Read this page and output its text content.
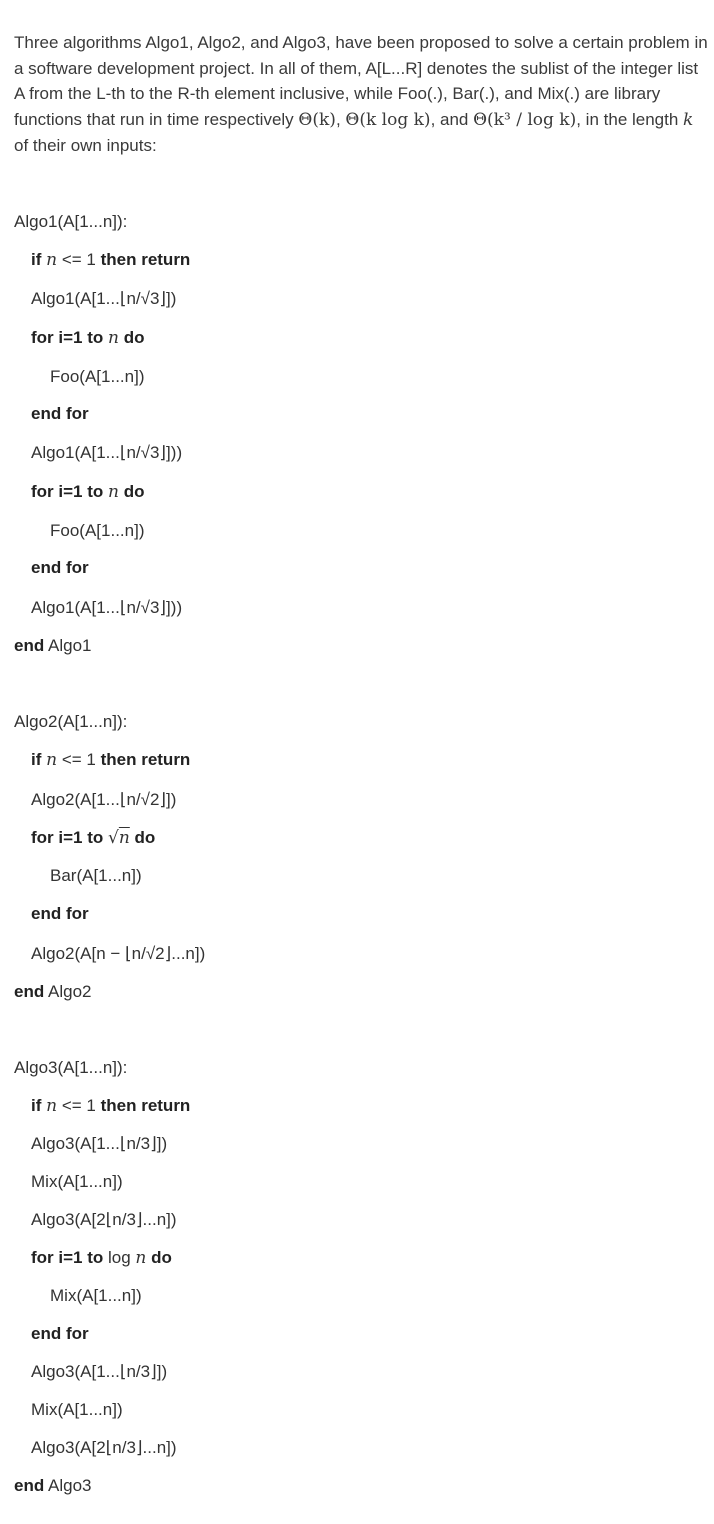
Three algorithms Algo1, Algo2, and Algo3, have been proposed to solve a certain problem in a software development project. In all of them, A[L...R] denotes the sublist of the integer list A from the L-th to the R-th element inclusive, while Foo(.), Bar(.), and Mix(.) are library functions that run in time respectively Θ(k), Θ(k log k), and Θ(k³ / log k), in the length k of their own inputs:

Algo1(A[1...n]):
if n <= 1 then return
Algo1(A[1...⌊n/√3⌋])
for i=1 to n do
Foo(A[1...n])
end for
Algo1(A[1...⌊n/√3⌋]))
for i=1 to n do
Foo(A[1...n])
end for
Algo1(A[1...⌊n/√3⌋]))
end Algo1
Algo2(A[1...n]):
if n <= 1 then return
Algo2(A[1...⌊n/√2⌋])
for i=1 to √n do
Bar(A[1...n])
end for
Algo2(A[n − ⌊n/√2⌋...n])
end Algo2
Algo3(A[1...n]):
if n <= 1 then return
Algo3(A[1...⌊n/3⌋])
Mix(A[1...n])
Algo3(A[2⌊n/3⌋...n])
for i=1 to log n do
Mix(A[1...n])
end for
Algo3(A[1...⌊n/3⌋])
Mix(A[1...n])
Algo3(A[2⌊n/3⌋...n])
end Algo3
